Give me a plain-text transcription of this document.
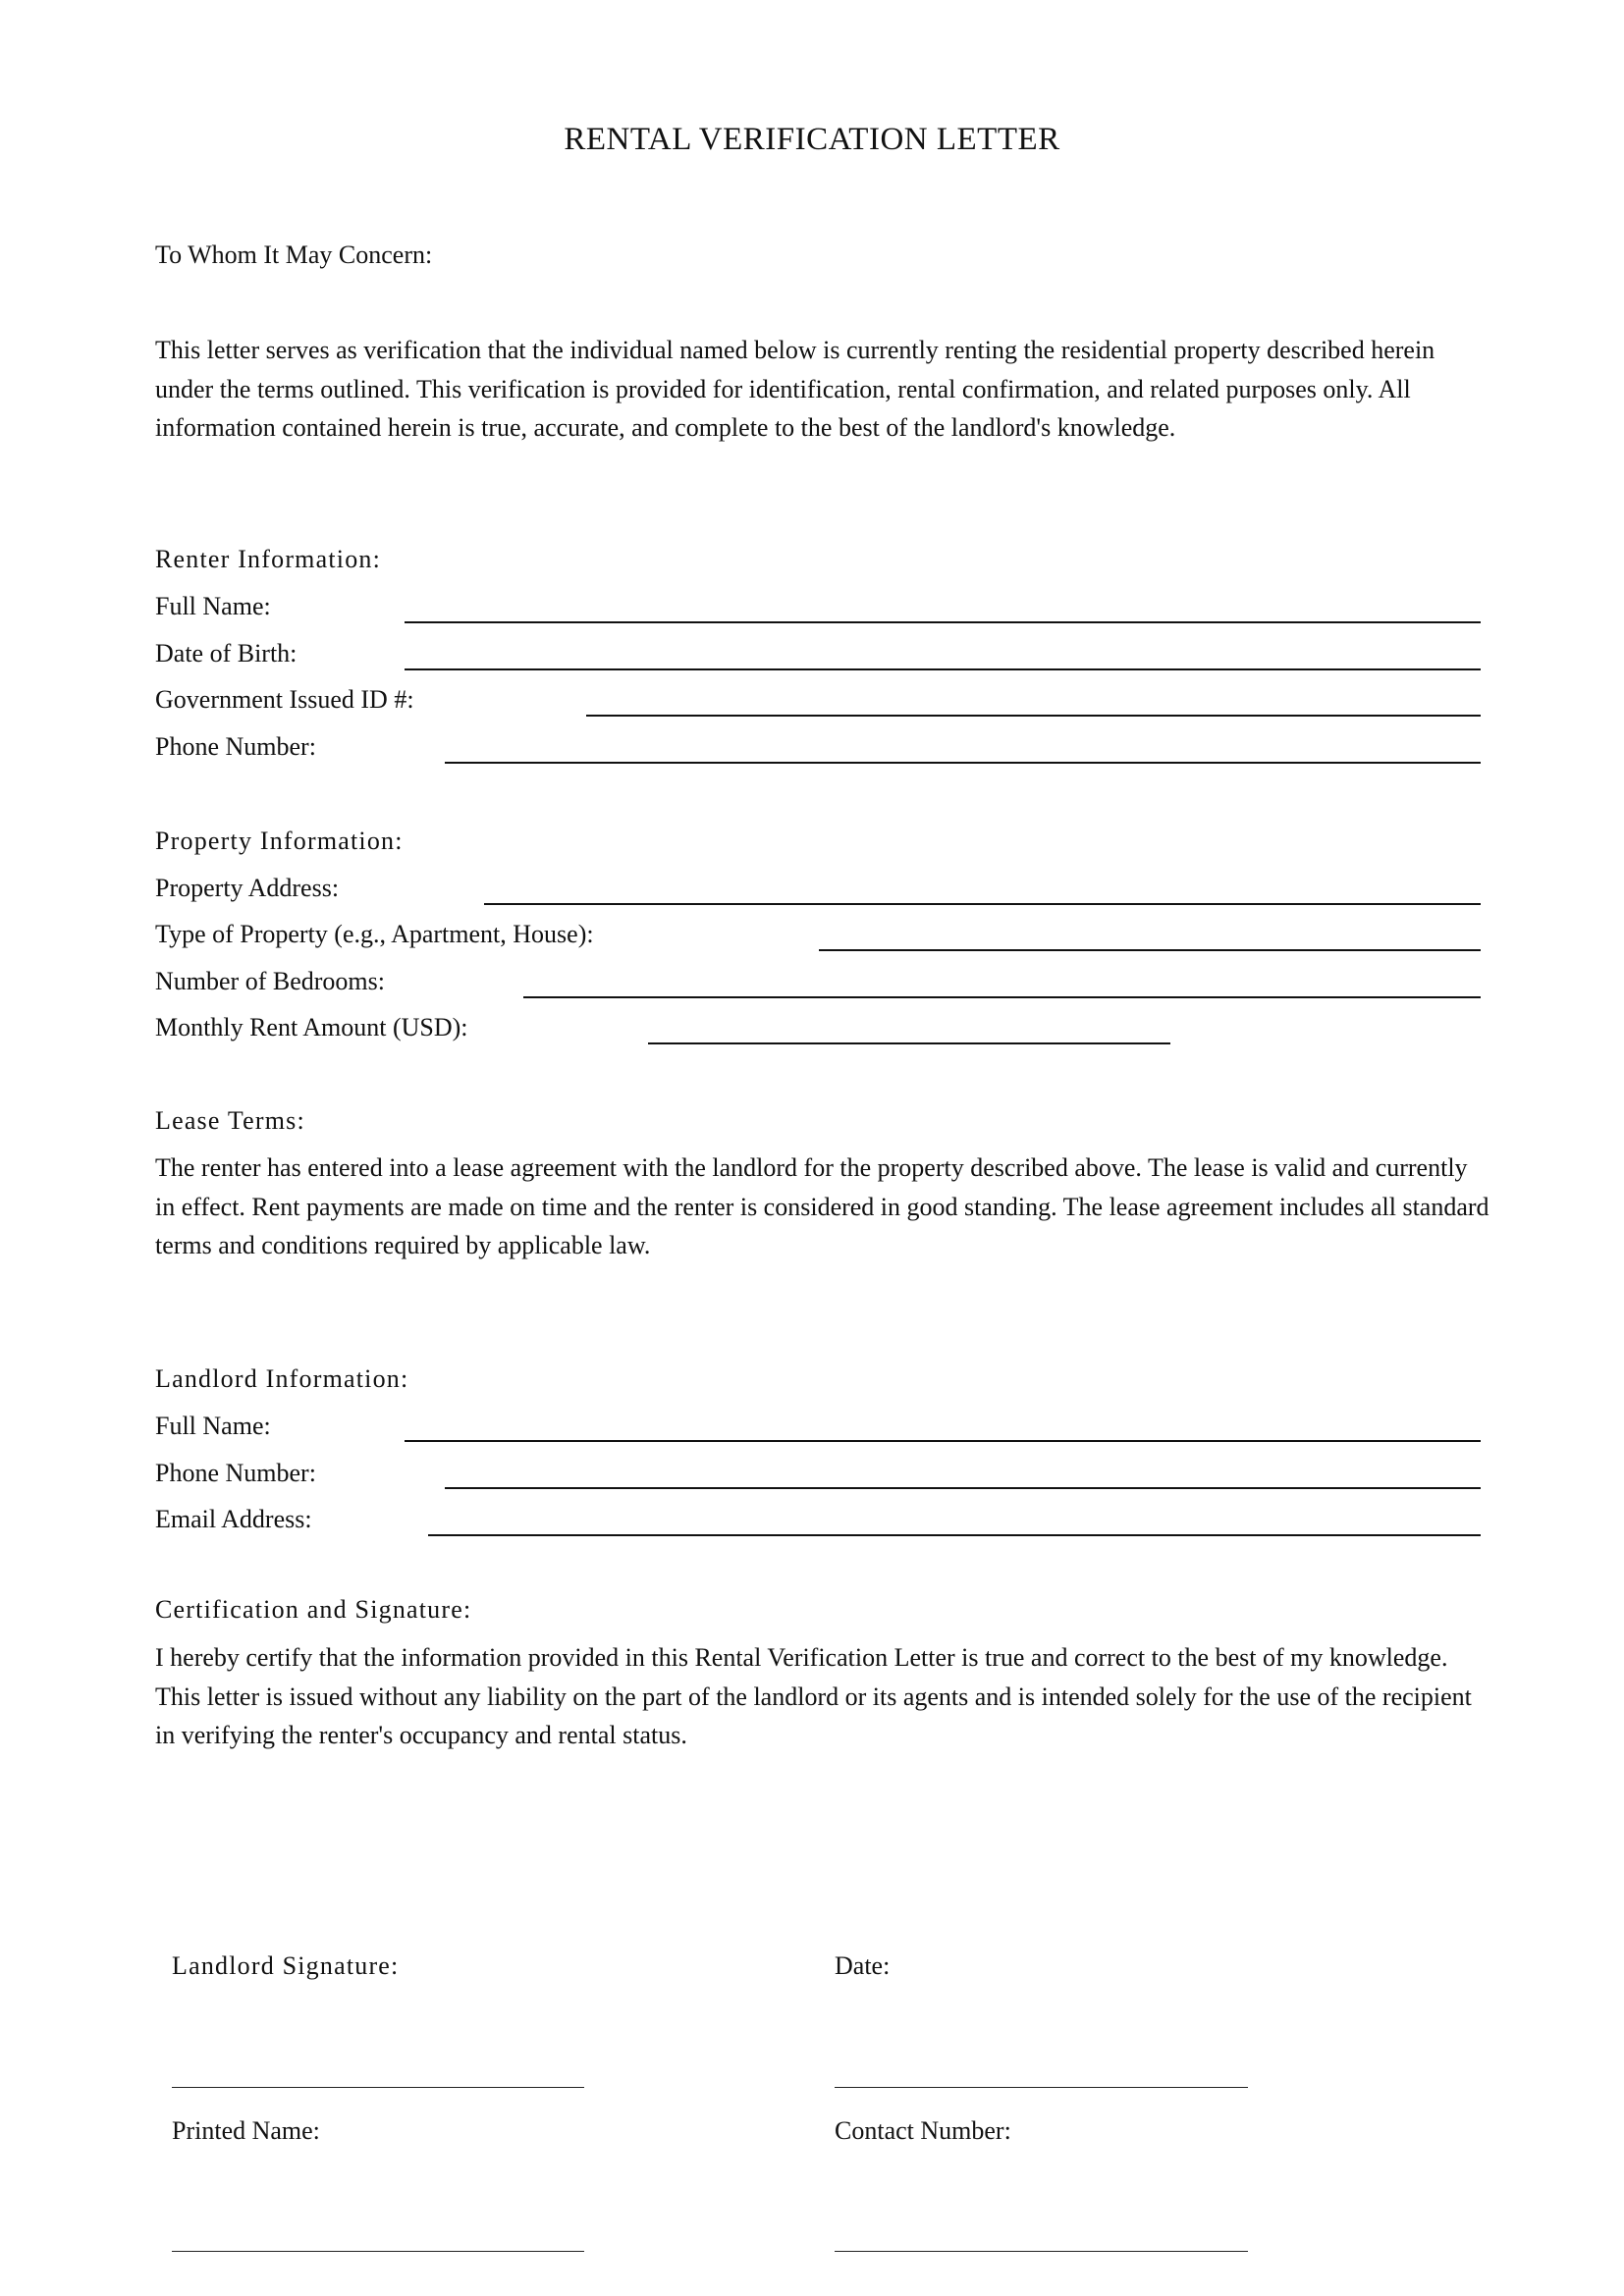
RENTAL VERIFICATION LETTER
To Whom It May Concern:
This letter serves as verification that the individual named below is currently renting the residential property described herein under the terms outlined. This verification is provided for identification, rental confirmation, and related purposes only. All information contained herein is true, accurate, and complete to the best of the landlord's knowledge.
Renter Information:
Full Name:
Date of Birth:
Government Issued ID #:
Phone Number:
Property Information:
Property Address:
Type of Property (e.g., Apartment, House):
Number of Bedrooms:
Monthly Rent Amount (USD):
Lease Terms:
The renter has entered into a lease agreement with the landlord for the property described above. The lease is valid and currently in effect. Rent payments are made on time and the renter is considered in good standing. The lease agreement includes all standard terms and conditions required by applicable law.
Landlord Information:
Full Name:
Phone Number:
Email Address:
Certification and Signature:
I hereby certify that the information provided in this Rental Verification Letter is true and correct to the best of my knowledge. This letter is issued without any liability on the part of the landlord or its agents and is intended solely for the use of the recipient in verifying the renter's occupancy and rental status.
Landlord Signature:	Date:
Printed Name:	Contact Number:
